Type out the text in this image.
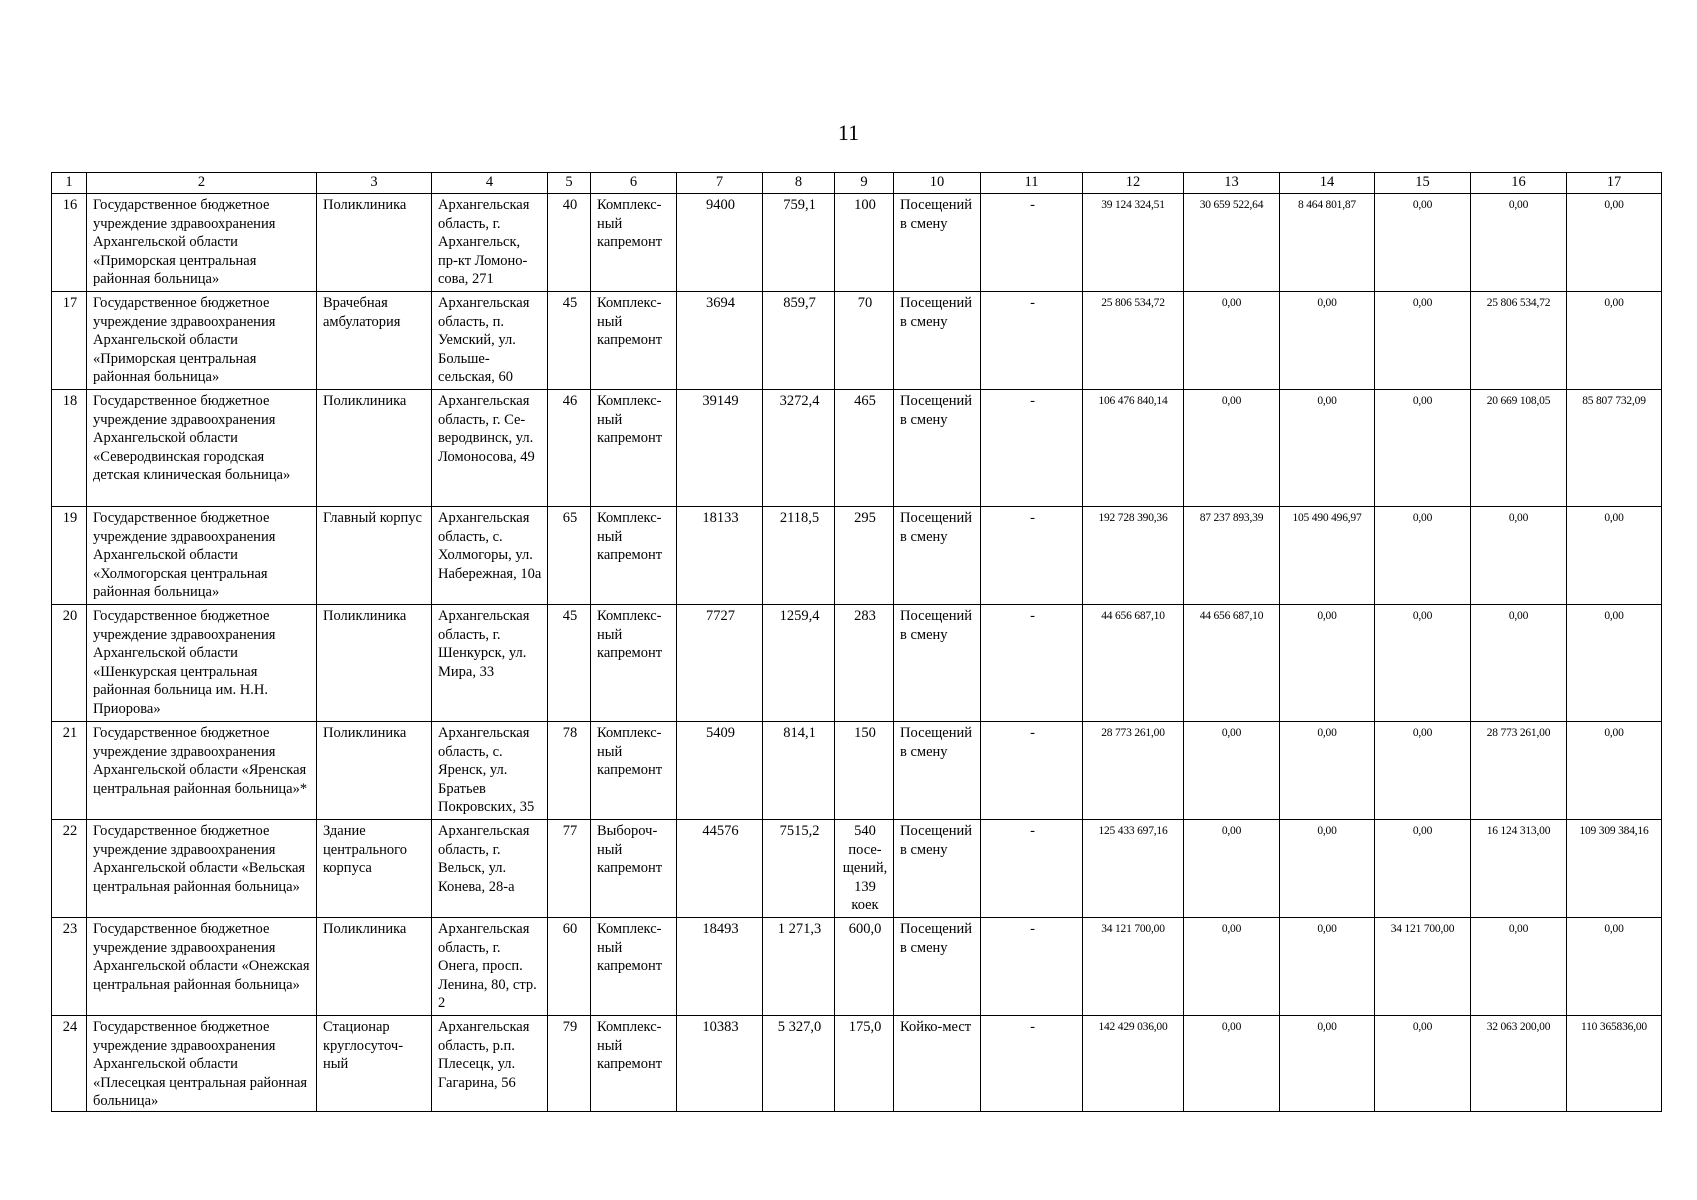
11
1	2	3	4	5	6	7	8	9	10	11	12	13	14	15	16	17
16	Государственное бюджетное учреждение здравоохранения Архангельской области «Приморская центральная районная больница»	Поликлиника	Архангельская область, г. Архангельск, пр-кт Ломоно-сова, 271	40	Комплекс-ный капремонт	9400	759,1	100	Посещений в смену	-	39 124 324,51	30 659 522,64	8 464 801,87	0,00	0,00	0,00
17	Государственное бюджетное учреждение здравоохранения Архангельской области «Приморская центральная районная больница»	Врачебная амбулатория	Архангельская область, п. Уемский, ул. Больше-сельская, 60	45	Комплекс-ный капремонт	3694	859,7	70	Посещений в смену	-	25 806 534,72	0,00	0,00	0,00	25 806 534,72	0,00
18	Государственное бюджетное учреждение здравоохранения Архангельской области «Северодвинская городская детская клиническая больница»	Поликлиника	Архангельская область, г. Се-веродвинск, ул. Ломоносова, 49	46	Комплекс-ный капремонт	39149	3272,4	465	Посещений в смену	-	106 476 840,14	0,00	0,00	0,00	20 669 108,05	85 807 732,09
19	Государственное бюджетное учреждение здравоохранения Архангельской области «Холмогорская центральная районная больница»	Главный корпус	Архангельская область, с. Холмогоры, ул. Набережная, 10а	65	Комплекс-ный капремонт	18133	2118,5	295	Посещений в смену	-	192 728 390,36	87 237 893,39	105 490 496,97	0,00	0,00	0,00
20	Государственное бюджетное учреждение здравоохранения Архангельской области «Шенкурская центральная районная больница им. Н.Н. Приорова»	Поликлиника	Архангельская область, г. Шенкурск, ул. Мира, 33	45	Комплекс-ный капремонт	7727	1259,4	283	Посещений в смену	-	44 656 687,10	44 656 687,10	0,00	0,00	0,00	0,00
21	Государственное бюджетное учреждение здравоохранения Архангельской области «Яренская центральная районная больница»*	Поликлиника	Архангельская область, с. Яренск, ул. Братьев Покровских, 35	78	Комплекс-ный капремонт	5409	814,1	150	Посещений в смену	-	28 773 261,00	0,00	0,00	0,00	28 773 261,00	0,00
22	Государственное бюджетное учреждение здравоохранения Архангельской области «Вельская центральная районная больница»	Здание центрального корпуса	Архангельская область, г. Вельск, ул. Конева, 28-а	77	Выбороч-ный капремонт	44576	7515,2	540 посе-щений, 139 коек	Посещений в смену	-	125 433 697,16	0,00	0,00	0,00	16 124 313,00	109 309 384,16
23	Государственное бюджетное учреждение здравоохранения Архангельской области «Онежская центральная районная больница»	Поликлиника	Архангельская область, г. Онега, просп. Ленина, 80, стр. 2	60	Комплекс-ный капремонт	18493	1 271,3	600,0	Посещений в смену	-	34 121 700,00	0,00	0,00	34 121 700,00	0,00	0,00
24	Государственное бюджетное учреждение здравоохранения Архангельской области «Плесецкая центральная районная больница»	Стационар круглосуточ-ный	Архангельская область, р.п. Плесецк, ул. Гагарина, 56	79	Комплекс-ный капремонт	10383	5 327,0	175,0	Койко-мест	-	142 429 036,00	0,00	0,00	0,00	32 063 200,00	110 365836,00
